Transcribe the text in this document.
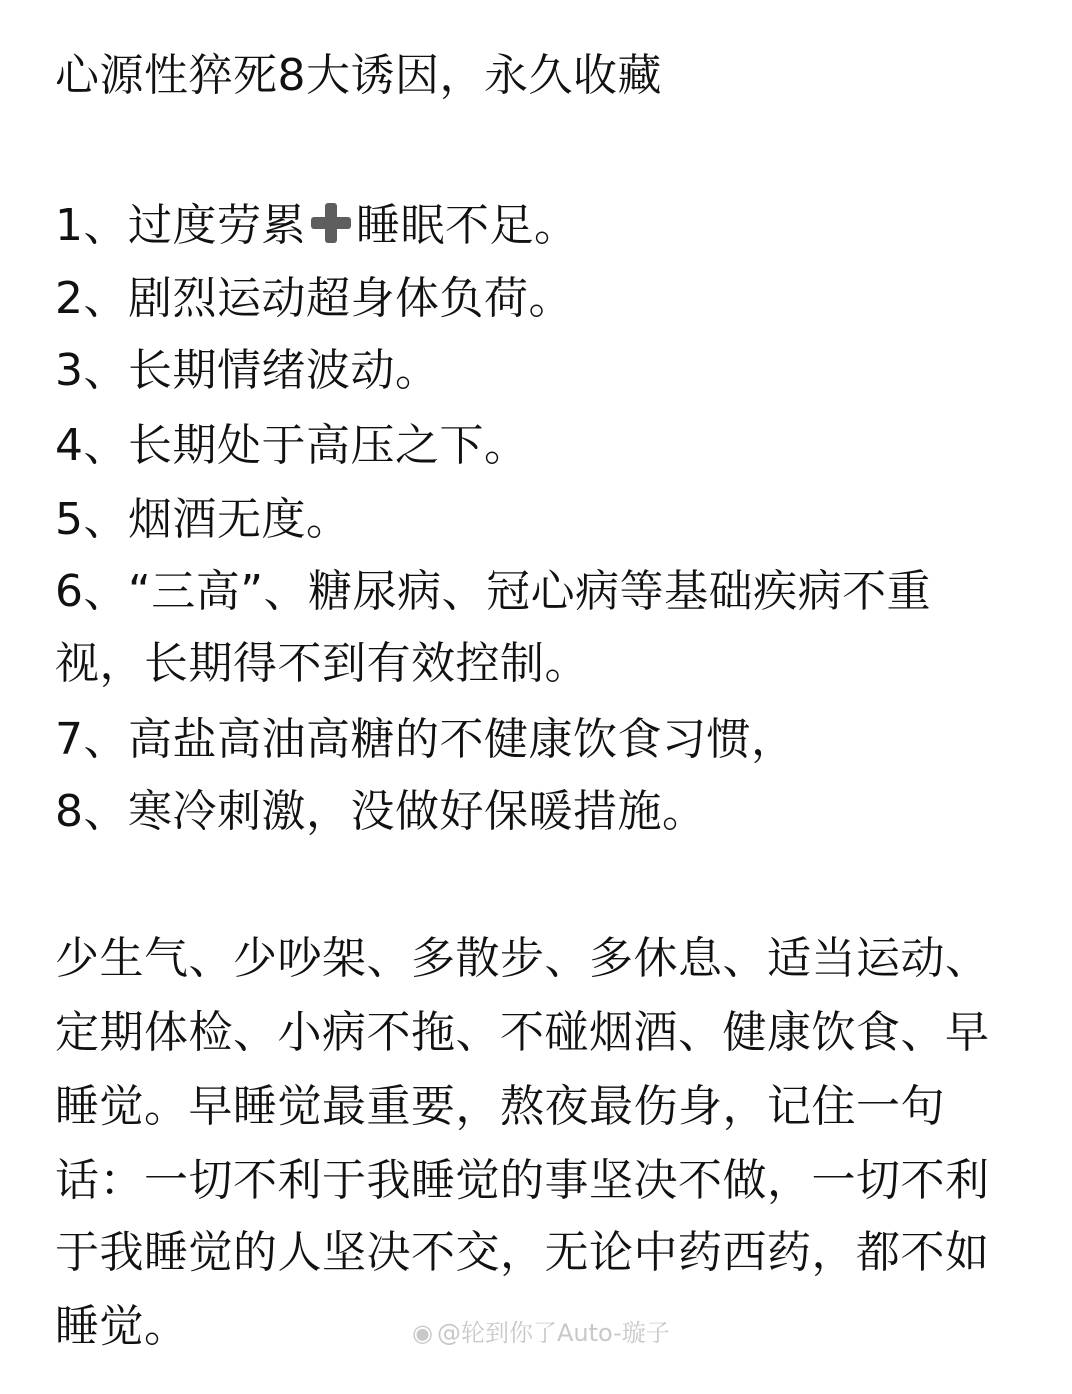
心源性猝死8大诱因，永久收藏
1、过度劳累 睡眠不足。
2、剧烈运动超身体负荷。
3、长期情绪波动。
4、长期处于高压之下。
5、烟酒无度。
6、“三高”、糖尿病、冠心病等基础疾病不重
视，长期得不到有效控制。
7、高盐高油高糖的不健康饮食习惯，
8、寒冷刺激，没做好保暖措施。
少生气、少吵架、多散步、多休息、适当运动、
定期体检、小病不拖、不碰烟酒、健康饮食、早
睡觉。早睡觉最重要，熬夜最伤身，记住一句
话：一切不利于我睡觉的事坚决不做，一切不利
于我睡觉的人坚决不交，无论中药西药，都不如
睡觉。	◉ @轮到你了Auto-璇子
